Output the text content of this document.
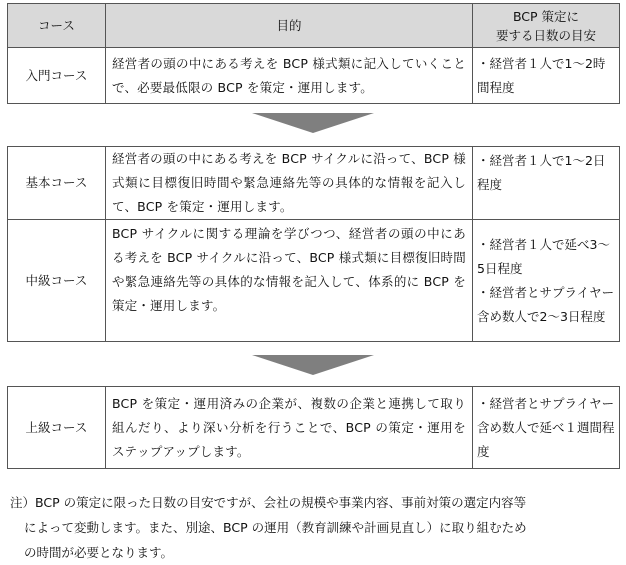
コース	目的	BCP 策定に
要する日数の目安

入門コース	経営者の頭の中にある考えを BCP 様式類に記入していくことで、必要最低限の BCP を策定・運用します。	・経営者１人で1～2時間程度
基本コース	経営者の頭の中にある考えを BCP サイクルに沿って、BCP 様式類に目標復旧時間や緊急連絡先等の具体的な情報を記入して、BCP を策定・運用します。	・経営者１人で1～2日程度

中級コース	BCP サイクルに関する理論を学びつつ、経営者の頭の中にある考えを BCP サイクルに沿って、BCP 様式類に目標復旧時間や緊急連絡先等の具体的な情報を記入して、体系的に BCP を策定・運用します。	・経営者１人で延べ3～5日程度
・経営者とサプライヤー含め数人で2～3日程度
上級コース	BCP を策定・運用済みの企業が、複数の企業と連携して取り組んだり、より深い分析を行うことで、BCP の策定・運用をステップアップします。	
・経営者とサプライヤー含め数人で延べ１週間程度

注）BCP の策定に限った日数の目安ですが、会社の規模や事業内容、事前対策の選定内容等

によって変動します。また、別途、BCP の運用（教育訓練や計画見直し）に取り組むため

の時間が必要となります。
